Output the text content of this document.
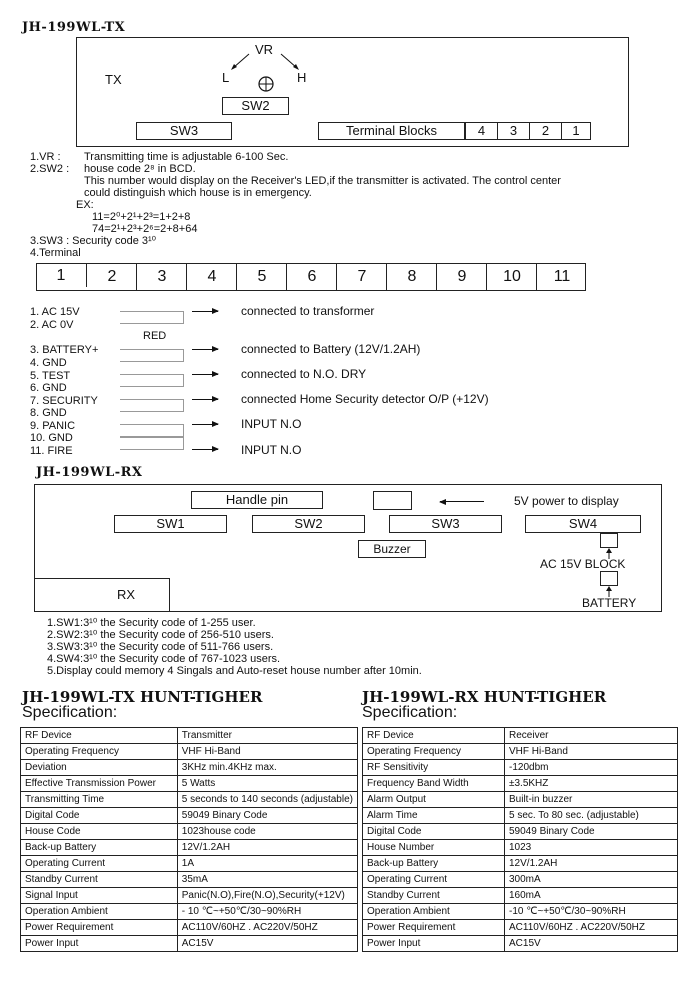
JH-199WL-TX
TX
VR
L	H
SW2
SW3	Terminal Blocks	4	3	2	1
1.VR : Transmitting time is adjustable 6-100 Sec.
2.SW2 : house code 2⁸ in BCD.
This number would display on the Receiver's LED,if the transmitter is activated. The control center
could distinguish which house is in emergency.
EX:
11=2⁰+2¹+2³=1+2+8
74=2¹+2³+2⁶=2+8+64
3.SW3 : Security code 3¹⁰
4.Terminal
1	2	3	4	5	6	7	8	9	10	11
1. AC 15V
2. AC 0V
connected to transformer
RED
3. BATTERY+
4. GND
connected to Battery (12V/1.2AH)
5. TEST
6. GND
connected to N.O. DRY
7. SECURITY
8. GND
connected Home Security detector O/P (+12V)
9. PANIC
10. GND
INPUT N.O
11. FIRE	INPUT N.O
JH-199WL-RX
Handle pin	5V power to display
SW1	SW2	SW3	SW4
Buzzer
AC 15V BLOCK
BATTERY
RX
1.SW1:3¹⁰ the Security code of 1-255 user.
2.SW2:3¹⁰ the Security code of 256-510 users.
3.SW3:3¹⁰ the Security code of 511-766 users.
4.SW4:3¹⁰ the Security code of 767-1023 users.
5.Display could memory 4 Singals and Auto-reset house number after 10min.
JH-199WL-TX HUNT-TIGHER
Specification:
RF Device	Transmitter
Operating Frequency	VHF Hi-Band
Deviation	3KHz min.4KHz max.
Effective Transmission Power	5 Watts
Transmitting Time	5 seconds to 140 seconds (adjustable)
Digital Code	59049 Binary Code
House Code	1023house code
Back-up Battery	12V/1.2AH
Operating Current	1A
Standby Current	35mA
Signal Input	Panic(N.O),Fire(N.O),Security(+12V)
Operation Ambient	- 10 ℃~+50℃/30~90%RH
Power Requirement	AC110V/60HZ . AC220V/50HZ
Power Input	AC15V
JH-199WL-RX HUNT-TIGHER
Specification:
RF Device	Receiver
Operating Frequency	VHF Hi-Band
RF Sensitivity	-120dbm
Frequency Band Width	±3.5KHZ
Alarm Output	Built-in buzzer
Alarm Time	5 sec. To 80 sec. (adjustable)
Digital Code	59049 Binary Code
House Number	1023
Back-up Battery	12V/1.2AH
Operating Current	300mA
Standby Current	160mA
Operation Ambient	-10 ℃~+50℃/30~90%RH
Power Requirement	AC110V/60HZ . AC220V/50HZ
Power Input	AC15V
